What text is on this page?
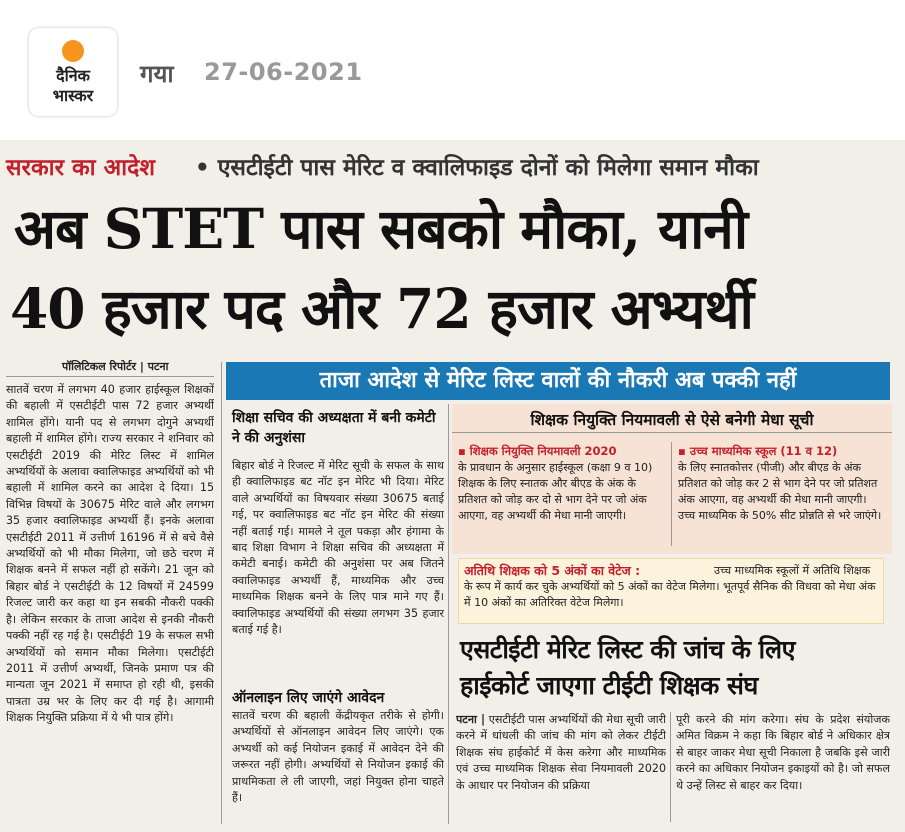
दैनिक
भास्कर
गया 27-06-2021
सरकार का आदेश • एसटीईटी पास मेरिट व क्वालिफाइड दोनों को मिलेगा समान मौका
अब STET पास सबको मौका, यानी
40 हजार पद और 72 हजार अभ्यर्थी
पॉलिटिकल रिपोर्टर | पटना
सातवें चरण में लगभग 40 हजार हाईस्कूल शिक्षकों की बहाली में एसटीईटी पास 72 हजार अभ्यर्थी शामिल होंगे। यानी पद से लगभग दोगुने अभ्यर्थी बहाली में शामिल होंगे। राज्य सरकार ने शनिवार को एसटीईटी 2019 की मेरिट लिस्ट में शामिल अभ्यर्थियों के अलावा क्वालिफाइड अभ्यर्थियों को भी बहाली में शामिल करने का आदेश दे दिया। 15 विभिन्न विषयों के 30675 मेरिट वाले और लगभग 35 हजार क्वालिफाइड अभ्यर्थी हैं। इनके अलावा एसटीईटी 2011 में उत्तीर्ण 16196 में से बचे वैसे अभ्यर्थियों को भी मौका मिलेगा, जो छठे चरण में शिक्षक बनने में सफल नहीं हो सकेंगे। 21 जून को बिहार बोर्ड ने एसटीईटी के 12 विषयों में 24599 रिजल्ट जारी कर कहा था इन सबकी नौकरी पक्की है। लेकिन सरकार के ताजा आदेश से इनकी नौकरी पक्की नहीं रह गई है। एसटीईटी 19 के सफल सभी अभ्यर्थियों को समान मौका मिलेगा। एसटीईटी 2011 में उत्तीर्ण अभ्यर्थी, जिनके प्रमाण पत्र की मान्यता जून 2021 में समाप्त हो रही थी, इसकी पात्रता उम्र भर के लिए कर दी गई है। आगामी शिक्षक नियुक्ति प्रक्रिया में ये भी पात्र होंगे।
ताजा आदेश से मेरिट लिस्ट वालों की नौकरी अब पक्की नहीं
शिक्षा सचिव की अध्यक्षता में बनी कमेटी ने की अनुशंसा
बिहार बोर्ड ने रिजल्ट में मेरिट सूची के सफल के साथ ही क्वालिफाइड बट नॉट इन मेरिट भी दिया। मेरिट वाले अभ्यर्थियों का विषयवार संख्या 30675 बताई गई, पर क्वालिफाइड बट नॉट इन मेरिट की संख्या नहीं बताई गई। मामले ने तूल पकड़ा और हंगामा के बाद शिक्षा विभाग ने शिक्षा सचिव की अध्यक्षता में कमेटी बनाई। कमेटी की अनुशंसा पर अब जितने क्वालिफाइड अभ्यर्थी हैं, माध्यमिक और उच्च माध्यमिक शिक्षक बनने के लिए पात्र माने गए हैं। क्वालिफाइड अभ्यर्थियों की संख्या लगभग 35 हजार बताई गई है।
ऑनलाइन लिए जाएंगे आवेदन
सातवें चरण की बहाली केंद्रीयकृत तरीके से होगी। अभ्यर्थियों से ऑनलाइन आवेदन लिए जाएंगे। एक अभ्यर्थी को कई नियोजन इकाई में आवेदन देने की जरूरत नहीं होगी। अभ्यर्थियों से नियोजन इकाई की प्राथमिकता ले ली जाएगी, जहां नियुक्त होना चाहते हैं।
शिक्षक नियुक्ति नियमावली से ऐसे बनेगी मेधा सूची
▪ शिक्षक नियुक्ति नियमावली 2020
के प्रावधान के अनुसार हाईस्कूल (कक्षा 9 व 10) शिक्षक के लिए स्नातक और बीएड के अंक के प्रतिशत को जोड़ कर दो से भाग देने पर जो अंक आएगा, वह अभ्यर्थी की मेधा मानी जाएगी।
▪ उच्च माध्यमिक स्कूल (11 व 12)
के लिए स्नातकोत्तर (पीजी) और बीएड के अंक प्रतिशत को जोड़ कर 2 से भाग देने पर जो प्रतिशत अंक आएगा, वह अभ्यर्थी की मेधा मानी जाएगी। उच्च माध्यमिक के 50% सीट प्रोन्नति से भरे जाएंगे।
उच्च माध्यमिक स्कूलों में अतिथि शिक्षक के रूप में कार्य कर चुके अभ्यर्थियों को 5 अंकों का वेटेज मिलेगा। भूतपूर्व सैनिक की विधवा को मेधा अंक में 10 अंकों का अतिरिक्त वेटेज मिलेगा।
अतिथि शिक्षक को 5 अंकों का वेटेज :
एसटीईटी मेरिट लिस्ट की जांच के लिए
हाईकोर्ट जाएगा टीईटी शिक्षक संघ
पटना | एसटीईटी पास अभ्यर्थियों की मेधा सूची जारी करने में धांधली की जांच की मांग को लेकर टीईटी शिक्षक संघ हाईकोर्ट में केस करेगा और माध्यमिक एवं उच्च माध्यमिक शिक्षक सेवा नियमावली 2020 के आधार पर नियोजन की प्रक्रिया
पूरी करने की मांग करेगा। संघ के प्रदेश संयोजक अमित विक्रम ने कहा कि बिहार बोर्ड ने अधिकार क्षेत्र से बाहर जाकर मेधा सूची निकाला है जबकि इसे जारी करने का अधिकार नियोजन इकाइयों को है। जो सफल थे उन्हें लिस्ट से बाहर कर दिया।
